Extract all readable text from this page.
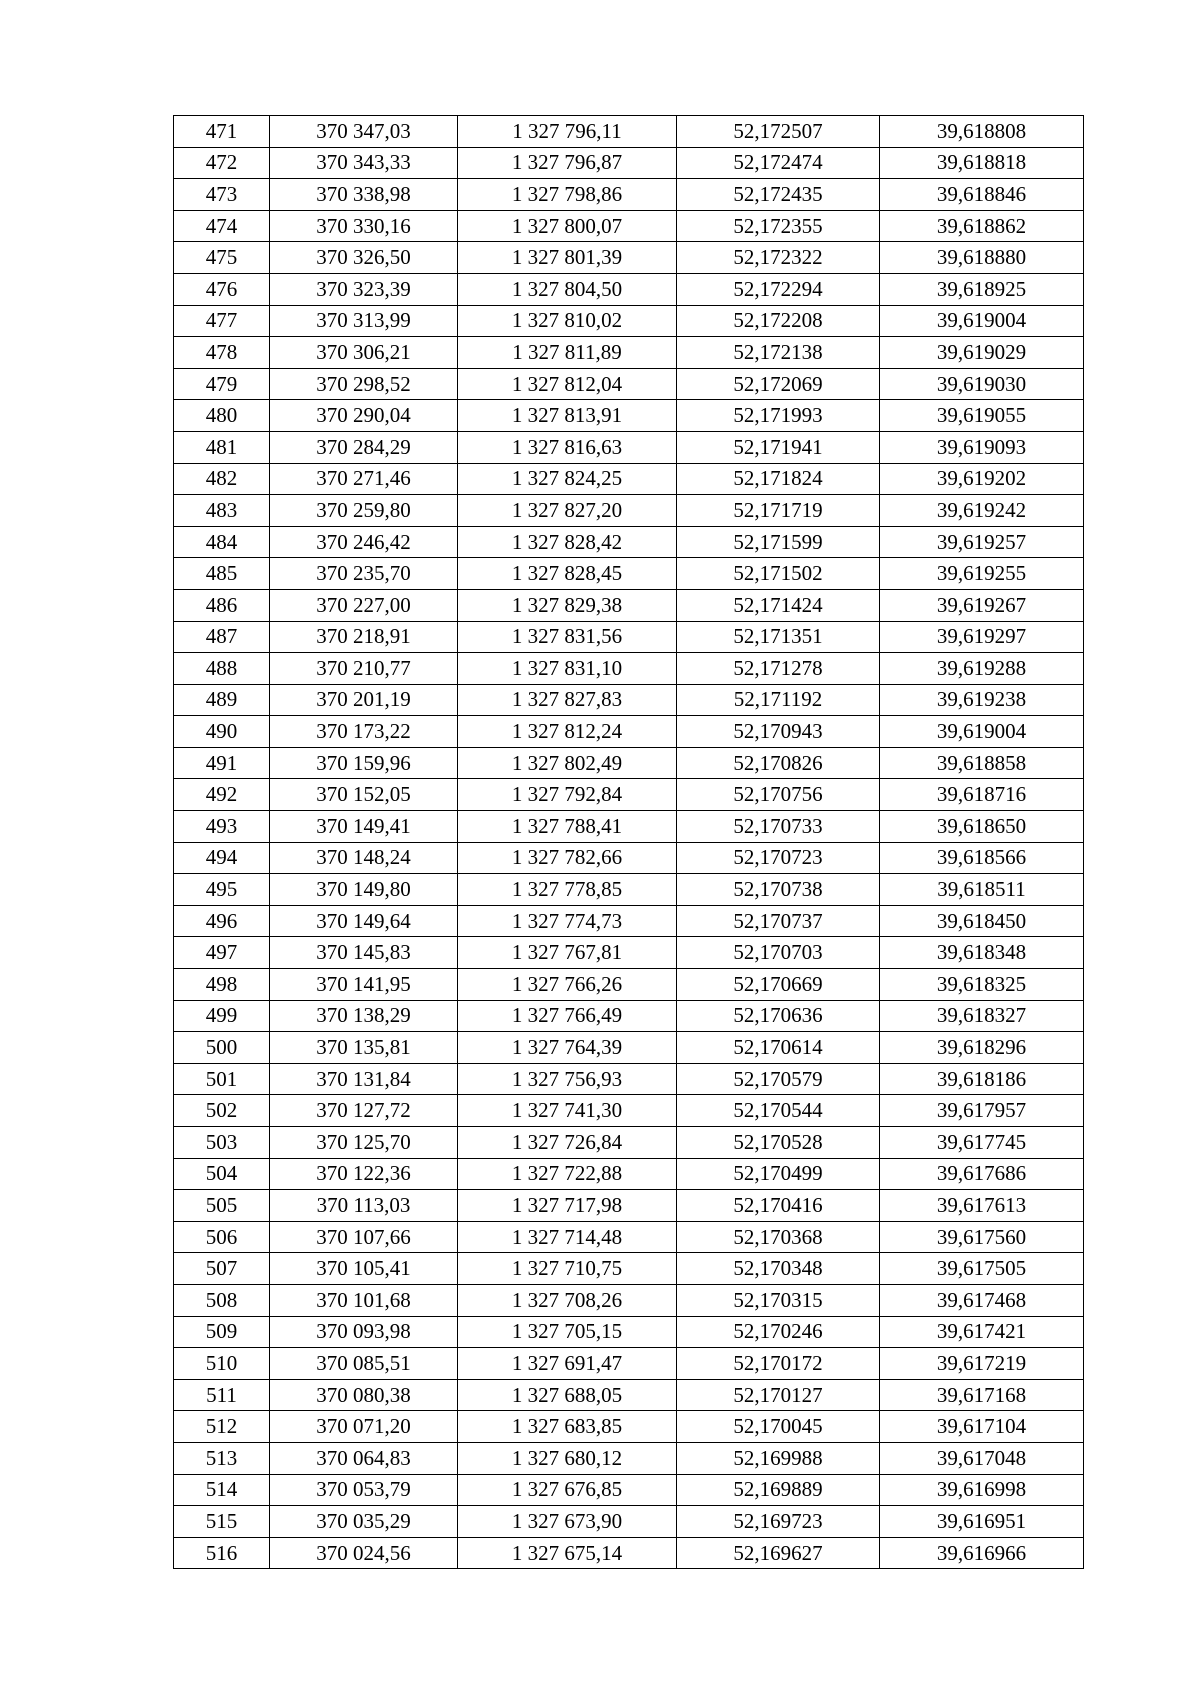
471	370 347,03	1 327 796,11	52,172507	39,618808
472	370 343,33	1 327 796,87	52,172474	39,618818
473	370 338,98	1 327 798,86	52,172435	39,618846
474	370 330,16	1 327 800,07	52,172355	39,618862
475	370 326,50	1 327 801,39	52,172322	39,618880
476	370 323,39	1 327 804,50	52,172294	39,618925
477	370 313,99	1 327 810,02	52,172208	39,619004
478	370 306,21	1 327 811,89	52,172138	39,619029
479	370 298,52	1 327 812,04	52,172069	39,619030
480	370 290,04	1 327 813,91	52,171993	39,619055
481	370 284,29	1 327 816,63	52,171941	39,619093
482	370 271,46	1 327 824,25	52,171824	39,619202
483	370 259,80	1 327 827,20	52,171719	39,619242
484	370 246,42	1 327 828,42	52,171599	39,619257
485	370 235,70	1 327 828,45	52,171502	39,619255
486	370 227,00	1 327 829,38	52,171424	39,619267
487	370 218,91	1 327 831,56	52,171351	39,619297
488	370 210,77	1 327 831,10	52,171278	39,619288
489	370 201,19	1 327 827,83	52,171192	39,619238
490	370 173,22	1 327 812,24	52,170943	39,619004
491	370 159,96	1 327 802,49	52,170826	39,618858
492	370 152,05	1 327 792,84	52,170756	39,618716
493	370 149,41	1 327 788,41	52,170733	39,618650
494	370 148,24	1 327 782,66	52,170723	39,618566
495	370 149,80	1 327 778,85	52,170738	39,618511
496	370 149,64	1 327 774,73	52,170737	39,618450
497	370 145,83	1 327 767,81	52,170703	39,618348
498	370 141,95	1 327 766,26	52,170669	39,618325
499	370 138,29	1 327 766,49	52,170636	39,618327
500	370 135,81	1 327 764,39	52,170614	39,618296
501	370 131,84	1 327 756,93	52,170579	39,618186
502	370 127,72	1 327 741,30	52,170544	39,617957
503	370 125,70	1 327 726,84	52,170528	39,617745
504	370 122,36	1 327 722,88	52,170499	39,617686
505	370 113,03	1 327 717,98	52,170416	39,617613
506	370 107,66	1 327 714,48	52,170368	39,617560
507	370 105,41	1 327 710,75	52,170348	39,617505
508	370 101,68	1 327 708,26	52,170315	39,617468
509	370 093,98	1 327 705,15	52,170246	39,617421
510	370 085,51	1 327 691,47	52,170172	39,617219
511	370 080,38	1 327 688,05	52,170127	39,617168
512	370 071,20	1 327 683,85	52,170045	39,617104
513	370 064,83	1 327 680,12	52,169988	39,617048
514	370 053,79	1 327 676,85	52,169889	39,616998
515	370 035,29	1 327 673,90	52,169723	39,616951
516	370 024,56	1 327 675,14	52,169627	39,616966
